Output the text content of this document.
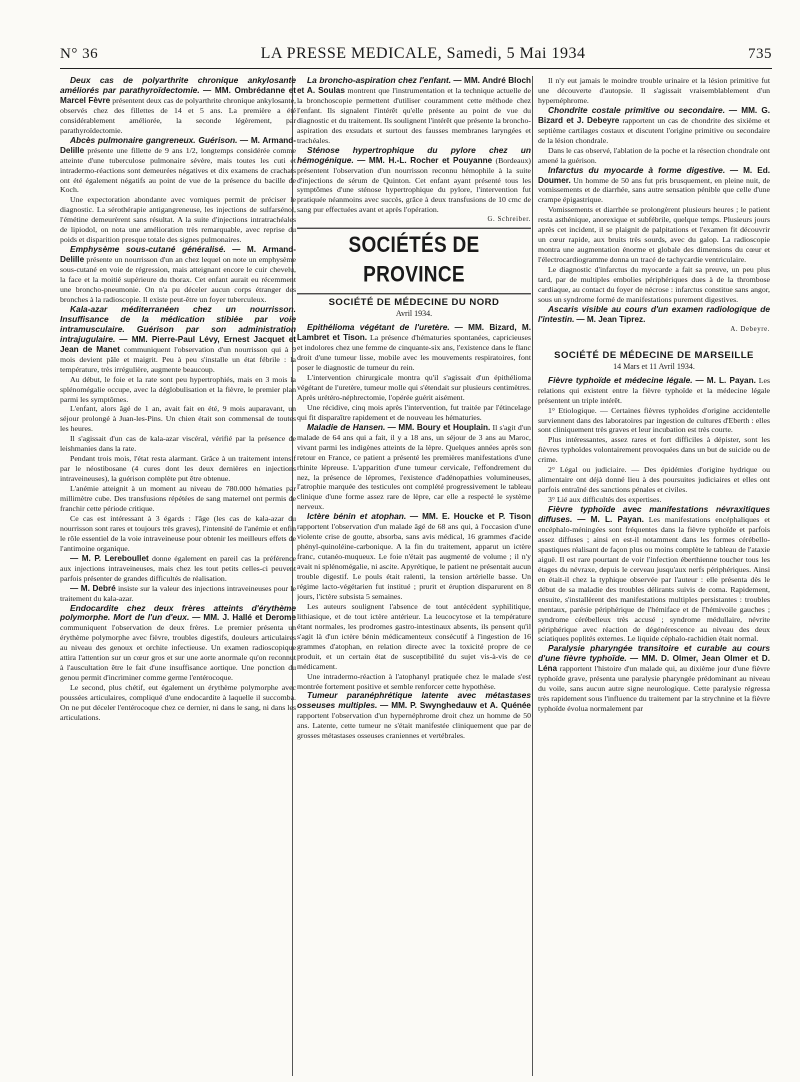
N° 36	LA PRESSE MEDICALE, Samedi, 5 Mai 1934	735

Deux cas de polyarthrite chronique ankylosante améliorés par parathyroïdectomie. — MM. Ombrédanne et Marcel Fèvre présentent deux cas de polyarthrite chronique ankylosante, observés chez des fillettes de 14 et 5 ans. La première a été considérablement améliorée, la seconde légèrement, par parathyroïdectomie.

Abcès pulmonaire gangreneux. Guérison. — M. Armand-Delille présente une fillette de 9 ans 1/2, longtemps considérée comme atteinte d'une tuberculose pulmonaire sévère, mais toutes les cuti et intradermo-réactions sont demeurées négatives et dix examens de crachats ont été également négatifs au point de vue de la présence du bacille de Koch.

Une expectoration abondante avec vomiques permit de préciser le diagnostic. La sérothérapie antigangreneuse, les injections de sulfarsénol, l'émétine demeurèrent sans résultat. A la suite d'injections intratrachéales de lipiodol, on nota une amélioration très remarquable, avec reprise du poids et disparition presque totale des signes pulmonaires.

Emphysème sous-cutané généralisé. — M. Armand-Delille présente un nourrisson d'un an chez lequel on note un emphysème sous-cutané en voie de régression, mais atteignant encore le cuir chevelu, la face et la moitié supérieure du thorax. Cet enfant aurait eu récemment une broncho-pneumonie. On n'a pu déceler aucun corps étranger des bronches à la radioscopie. Il existe peut-être un foyer tuberculeux.

Kala-azar méditerranéen chez un nourrisson. Insuffisance de la médication stibiée par voie intramusculaire. Guérison par son administration intrajugulaire. — MM. Pierre-Paul Lévy, Ernest Jacquet et Jean de Manet communiquent l'observation d'un nourrisson qui à 9 mois devient pâle et maigrit. Peu à peu s'installe un état fébrile : la température, très irrégulière, augmente beaucoup.

Au début, le foie et la rate sont peu hypertrophiés, mais en 3 mois la splénomégalie occupe, avec la déglobulisation et la fièvre, le premier plan parmi les symptômes.

L'enfant, alors âgé de 1 an, avait fait en été, 9 mois auparavant, un séjour prolongé à Juan-les-Pins. Un chien était son commensal de toutes les heures.

Il s'agissait d'un cas de kala-azar viscéral, vérifié par la présence de leishmanies dans la rate.

Pendant trois mois, l'état resta alarmant. Grâce à un traitement intensif par le néostibosane (4 cures dont les deux dernières en injections intraveineuses), la guérison complète put être obtenue.

L'anémie atteignit à un moment au niveau de 780.000 hématies par millimètre cube. Des transfusions répétées de sang maternel ont permis de franchir cette période critique.

Ce cas est intéressant à 3 égards : l'âge (les cas de kala-azar du nourrisson sont rares et toujours très graves), l'intensité de l'anémie et enfin le rôle essentiel de la voie intraveineuse pour obtenir les meilleurs effets de l'antimoine organique.

— M. P. Lereboullet donne également en pareil cas la préférence aux injections intraveineuses, mais chez les tout petits celles-ci peuvent parfois présenter de grandes difficultés de réalisation.

— M. Debré insiste sur la valeur des injections intraveineuses pour le traitement du kala-azar.

Endocardite chez deux frères atteints d'érythème polymorphe. Mort de l'un d'eux. — MM. J. Hallé et Derome communiquent l'observation de deux frères. Le premier présenta un érythème polymorphe avec fièvre, troubles digestifs, douleurs articulaires au niveau des genoux et orchite infectieuse. Un examen radioscopique attira l'attention sur un cœur gros et sur une aorte anormale qu'on reconnut à l'auscultation être le fait d'une insuffisance aortique. Une ponction du genou permit d'incriminer comme germe l'entérocoque.

Le second, plus chétif, eut également un érythème polymorphe avec poussées articulaires, compliqué d'une endocardite à laquelle il succomba. On ne put déceler l'entérocoque chez ce dernier, ni dans le sang, ni dans les articulations.

La broncho-aspiration chez l'enfant. — MM. André Bloch et A. Soulas montrent que l'instrumentation et la technique actuelle de la bronchoscopie permettent d'utiliser couramment cette méthode chez l'enfant. Ils signalent l'intérêt qu'elle présente au point de vue du diagnostic et du traitement. Ils soulignent l'intérêt que présente la broncho-aspiration des exsudats et surtout des fausses membranes laryngées et trachéales.

Sténose hypertrophique du pylore chez un hémogénique. — MM. H.-L. Rocher et Pouyanne (Bordeaux) présentent l'observation d'un nourrisson reconnu hémophile à la suite d'injections de sérum de Quinton. Cet enfant ayant présenté tous les symptômes d'une sténose hypertrophique du pylore, l'intervention fut pratiquée néanmoins avec succès, grâce à deux transfusions de 10 cmc de sang pur effectuées avant et après l'opération.

G. Schreiber.

SOCIÉTÉS DE PROVINCE
SOCIÉTÉ DE MÉDECINE DU NORD
Avril 1934.

Epithélioma végétant de l'uretère. — MM. Bizard, M. Lambret et Tison. La présence d'hématuries spontanées, capricieuses et indolores chez une femme de cinquante-six ans, l'existence dans le flanc droit d'une tumeur lisse, mobile avec les mouvements respiratoires, font poser le diagnostic de tumeur du rein.

L'intervention chirurgicale montra qu'il s'agissait d'un épithélioma végétant de l'uretère, tumeur molle qui s'étendait sur plusieurs centimètres. Après urétéro-néphrectomie, l'opérée guérit aisément.

Une récidive, cinq mois après l'intervention, fut traitée par l'étincelage qui fit disparaître rapidement et de nouveau les hématuries.

Maladie de Hansen. — MM. Boury et Houplain. Il s'agit d'un malade de 64 ans qui a fait, il y a 18 ans, un séjour de 3 ans au Maroc, vivant parmi les indigènes atteints de la lèpre. Quelques années après son retour en France, ce patient a présenté les premières manifestations d'une rhinite lépreuse. L'apparition d'une tumeur cervicale, l'effondrement du nez, la présence de lépromes, l'existence d'adénopathies volumineuses, l'atrophie marquée des testicules ont complété progressivement le tableau clinique d'une forme assez rare de lèpre, car elle a respecté le système nerveux.

Ictère bénin et atophan. — MM. E. Houcke et P. Tison rapportent l'observation d'un malade âgé de 68 ans qui, à l'occasion d'une violente crise de goutte, absorba, sans avis médical, 16 grammes d'acide phényl-quinoléine-carbonique. A la fin du traitement, apparut un ictère franc, cutanéo-muqueux. Le foie n'était pas augmenté de volume ; il n'y avait ni splénomégalie, ni ascite. Apyrétique, le patient ne présentait aucun trouble digestif. Le pouls était ralenti, la tension artérielle basse. Un régime lacto-végétarien fut institué ; prurit et éruption disparurent en 8 jours, l'ictère subsista 5 semaines.

Les auteurs soulignent l'absence de tout antécédent syphilitique, lithiasique, et de tout ictère antérieur. La leucocytose et la température étant normales, les prodromes gastro-intestinaux absents, ils pensent qu'il s'agit là d'un ictère bénin médicamenteux consécutif à l'ingestion de 16 grammes d'atophan, en relation directe avec la toxicité propre de ce produit, et un certain état de susceptibilité du sujet vis-à-vis de ce médicament.

Une intradermo-réaction à l'atophanyl pratiquée chez le malade s'est montrée fortement positive et semble renforcer cette hypothèse.

Tumeur paranéphrétique latente avec métastases osseuses multiples. — MM. P. Swynghedauw et A. Quénée rapportent l'observation d'un hypernéphrome droit chez un homme de 50 ans. Latente, cette tumeur ne s'était manifestée cliniquement que par de grosses métastases osseuses craniennes et vertébrales.

Il n'y eut jamais le moindre trouble urinaire et la lésion primitive fut une découverte d'autopsie. Il s'agissait vraisemblablement d'un hypernéphrome.

Chondrite costale primitive ou secondaire. — MM. G. Bizard et J. Debeyre rapportent un cas de chondrite des sixième et septième cartilages costaux et discutent l'origine primitive ou secondaire de la lésion chondrale.

Dans le cas observé, l'ablation de la poche et la résection chondrale ont amené la guérison.

Infarctus du myocarde à forme digestive. — M. Ed. Doumer. Un homme de 50 ans fut pris brusquement, en pleine nuit, de vomissements et de diarrhée, sans autre sensation pénible que celle d'une crampe épigastrique.

Vomissements et diarrhée se prolongèrent plusieurs heures ; le patient resta asthénique, anorexique et subfébrile, quelque temps. Plusieurs jours après cet incident, il se plaignit de palpitations et l'examen fit découvrir un cœur rapide, aux bruits très sourds, avec du galop. La radioscopie montra une augmentation énorme et globale des dimensions du cœur et l'électrocardiogramme donna un tracé de tachycardie ventriculaire.

Le diagnostic d'infarctus du myocarde a fait sa preuve, un peu plus tard, par de multiples embolies périphériques dues à de la thrombose cardiaque, au contact du foyer de nécrose : infarctus constitue sans angor, sous un syndrome formé de manifestations purement digestives.

Ascaris visible au cours d'un examen radiologique de l'intestin. — M. Jean Tiprez.

A. Debeyre.

SOCIÉTÉ DE MÉDECINE DE MARSEILLE
14 Mars et 11 Avril 1934.

Fièvre typhoïde et médecine légale. — M. L. Payan. Les relations qui existent entre la fièvre typhoïde et la médecine légale présentent un triple intérêt.

1° Etiologique. — Certaines fièvres typhoïdes d'origine accidentelle surviennent dans des laboratoires par ingestion de cultures d'Eberth : elles sont cliniquement très graves et leur incubation est très courte.

Plus intéressantes, assez rares et fort difficiles à dépister, sont les fièvres typhoïdes volontairement provoquées dans un but de suicide ou de crime.

2° Légal ou judiciaire. — Des épidémies d'origine hydrique ou alimentaire ont déjà donné lieu à des poursuites judiciaires et elles ont parfois entraîné des sanctions pénales et civiles.

3° Lié aux difficultés des expertises.

Fièvre typhoïde avec manifestations névraxitiques diffuses. — M. L. Payan. Les manifestations encéphaliques et encéphalo-méningées sont fréquentes dans la fièvre typhoïde et parfois assez diffuses ; ainsi en est-il notamment dans les formes cérébello-spastiques réalisant de façon plus ou moins complète le tableau de l'ataxie aiguë. Il est rare pourtant de voir l'infection éberthienne toucher tous les étages du névraxe, depuis le cerveau jusqu'aux nerfs périphériques. Ainsi en était-il chez la typhique observée par l'auteur : elle présenta dès le début de sa maladie des troubles délirants suivis de coma. Rapidement, ensuite, s'installèrent des manifestations multiples persistantes : troubles mentaux, parésie périphérique de l'hémiface et de l'hémivoile gauches ; syndrome cérébelleux très accusé ; syndrome médullaire, névrite périphérique avec réaction de dégénérescence au niveau des deux sciatiques poplités externes. Le liquide céphalo-rachidien était normal.

Paralysie pharyngée transitoire et curable au cours d'une fièvre typhoïde. — MM. D. Olmer, Jean Olmer et D. Léna rapportent l'histoire d'un malade qui, au dixième jour d'une fièvre typhoïde grave, présenta une paralysie pharyngée prédominant au niveau du voile, sans aucun autre signe neurologique. Cette paralysie régressa très rapidement sous l'influence du traitement par la strychnine et la fièvre typhoïde évolua normalement par
